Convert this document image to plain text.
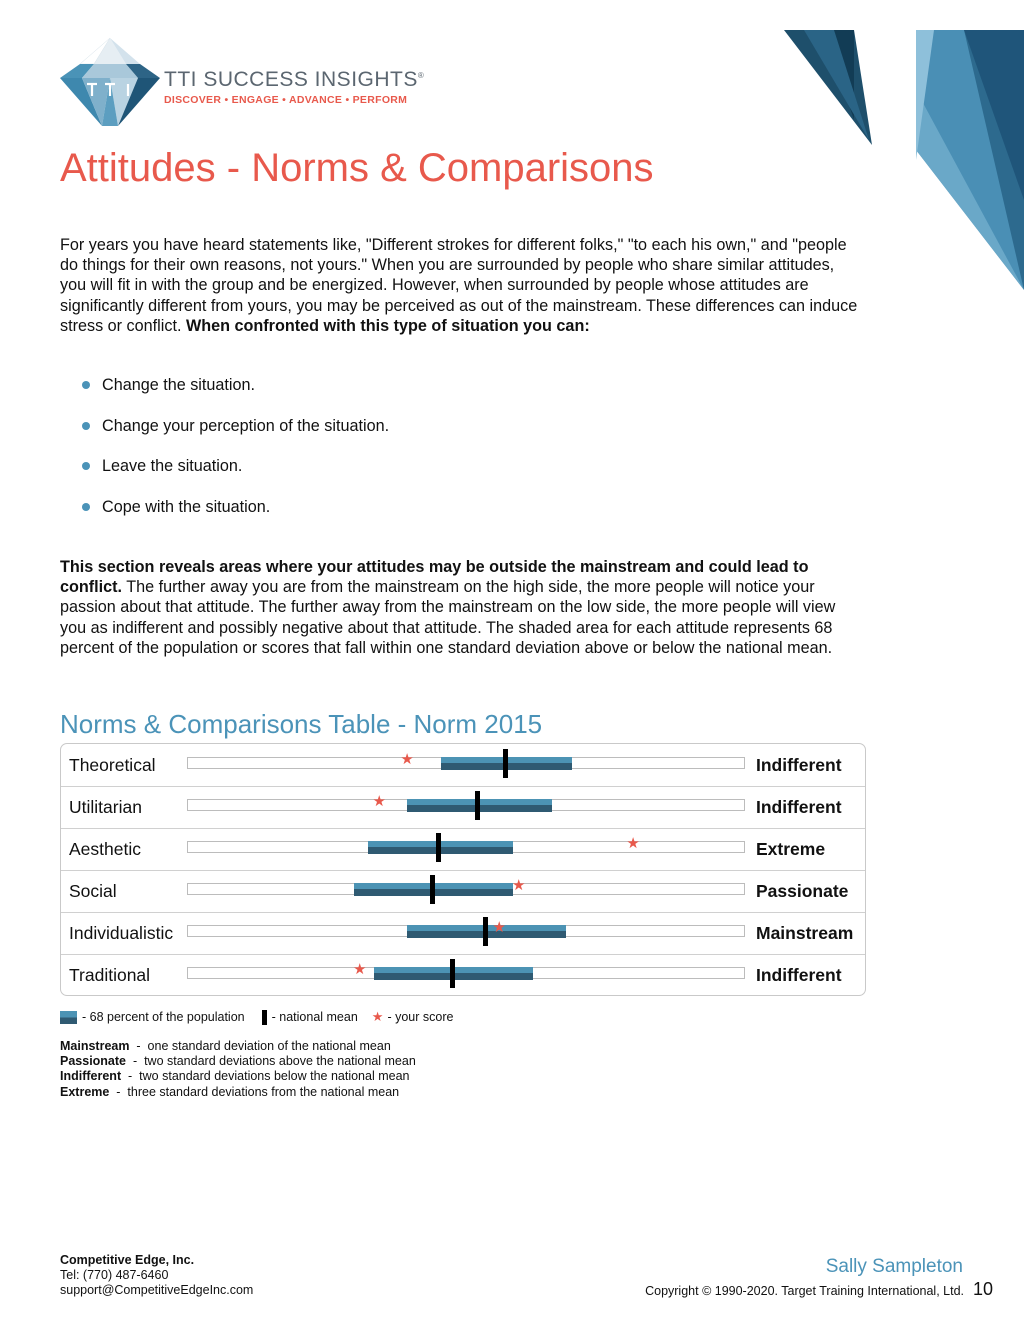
TTI SUCCESS INSIGHTS®
DISCOVER • ENGAGE • ADVANCE • PERFORM
Attitudes - Norms & Comparisons
For years you have heard statements like, "Different strokes for different folks," "to each his own," and "people do things for their own reasons, not yours." When you are surrounded by people who share similar attitudes, you will fit in with the group and be energized. However, when surrounded by people whose attitudes are significantly different from yours, you may be perceived as out of the mainstream. These differences can induce stress or conflict. When confronted with this type of situation you can:
Change the situation.
Change your perception of the situation.
Leave the situation.
Cope with the situation.
This section reveals areas where your attitudes may be outside the mainstream and could lead to conflict. The further away you are from the mainstream on the high side, the more people will notice your passion about that attitude. The further away from the mainstream on the low side, the more people will view you as indifferent and possibly negative about that attitude. The shaded area for each attitude represents 68 percent of the population or scores that fall within one standard deviation above or below the national mean.
Norms & Comparisons Table - Norm 2015
Theoretical	★	Indifferent
Utilitarian	★	Indifferent
Aesthetic	★	Extreme
Social	★	Passionate
Individualistic	★	Mainstream
Traditional	★	Indifferent
- 68 percent of the population - national mean ★ - your score
Mainstream  -  one standard deviation of the national mean
Passionate  -  two standard deviations above the national mean
Indifferent  -  two standard deviations below the national mean
Extreme  -  three standard deviations from the national mean
Competitive Edge, Inc.
Tel: (770) 487-6460
support@CompetitiveEdgeInc.com
Sally Sampleton
Copyright © 1990-2020. Target Training International, Ltd. 10
